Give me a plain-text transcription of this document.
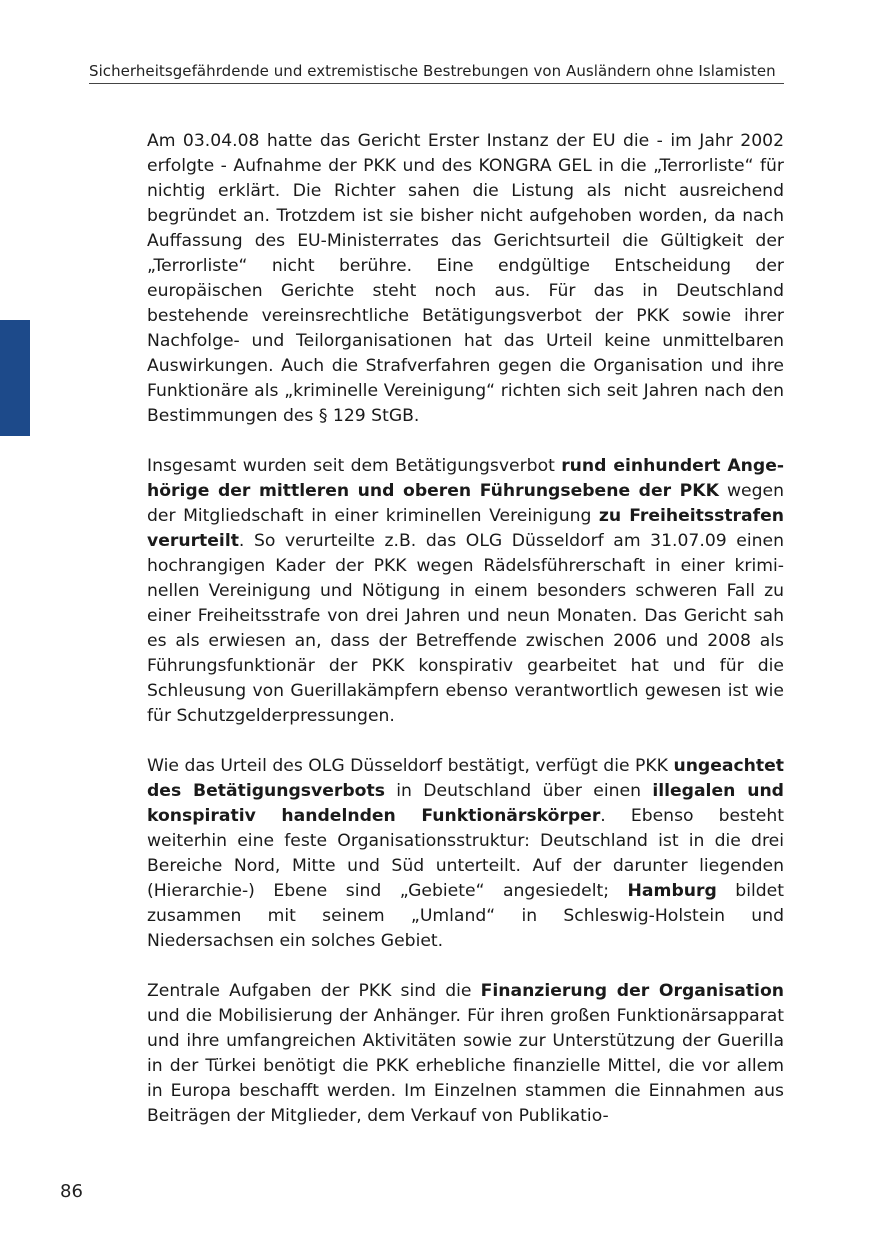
Sicherheitsgefährdende und extremistische Bestrebungen von Ausländern ohne Islamisten

Am 03.04.08 hatte das Gericht Erster Instanz der EU die - im Jahr 2002 erfolgte - Aufnahme der PKK und des KONGRA GEL in die „Terrorliste“ für nichtig erklärt. Die Richter sahen die Listung als nicht ausreichend begründet an. Trotzdem ist sie bisher nicht aufgehoben worden, da nach Auffassung des EU-Ministerrates das Gerichtsurteil die Gültigkeit der „Terrorliste“ nicht berühre. Eine endgültige Entscheidung der europäischen Gerichte steht noch aus. Für das in Deutschland bestehende vereinsrechtliche Betätigungsverbot der PKK sowie ihrer Nachfolge- und Teilorganisationen hat das Urteil keine unmittelbaren Auswirkungen. Auch die Strafverfahren gegen die Organisation und ihre Funktionäre als „kriminelle Vereinigung“ richten sich seit Jahren nach den Bestimmungen des § 129 StGB.

Insgesamt wurden seit dem Betätigungsverbot rund einhundert Angehörige der mittleren und oberen Führungsebene der PKK wegen der Mitgliedschaft in einer kriminellen Vereinigung zu Freiheitsstrafen verurteilt. So verurteilte z.B. das OLG Düsseldorf am 31.07.09 einen hochrangigen Kader der PKK wegen Rädelsführerschaft in einer kriminellen Vereinigung und Nötigung in einem besonders schweren Fall zu einer Freiheitsstrafe von drei Jahren und neun Monaten. Das Gericht sah es als erwiesen an, dass der Betreffende zwischen 2006 und 2008 als Führungsfunktionär der PKK konspirativ gearbeitet hat und für die Schleusung von Guerillakämpfern ebenso verantwortlich gewesen ist wie für Schutzgelderpressungen.

Wie das Urteil des OLG Düsseldorf bestätigt, verfügt die PKK ungeachtet des Betätigungsverbots in Deutschland über einen illegalen und konspirativ handelnden Funktionärskörper. Ebenso besteht weiterhin eine feste Organisationsstruktur: Deutschland ist in die drei Bereiche Nord, Mitte und Süd unterteilt. Auf der darunter liegenden (Hierarchie-) Ebene sind „Gebiete“ angesiedelt; Hamburg bildet zusammen mit seinem „Umland“ in Schleswig-Holstein und Niedersachsen ein solches Gebiet.

Zentrale Aufgaben der PKK sind die Finanzierung der Organisation und die Mobilisierung der Anhänger. Für ihren großen Funktionärsapparat und ihre umfangreichen Aktivitäten sowie zur Unterstützung der Guerilla in der Türkei benötigt die PKK erhebliche finanzielle Mittel, die vor allem in Europa beschafft werden. Im Einzelnen stammen die Einnahmen aus Beiträgen der Mitglieder, dem Verkauf von Publikatio-

86
